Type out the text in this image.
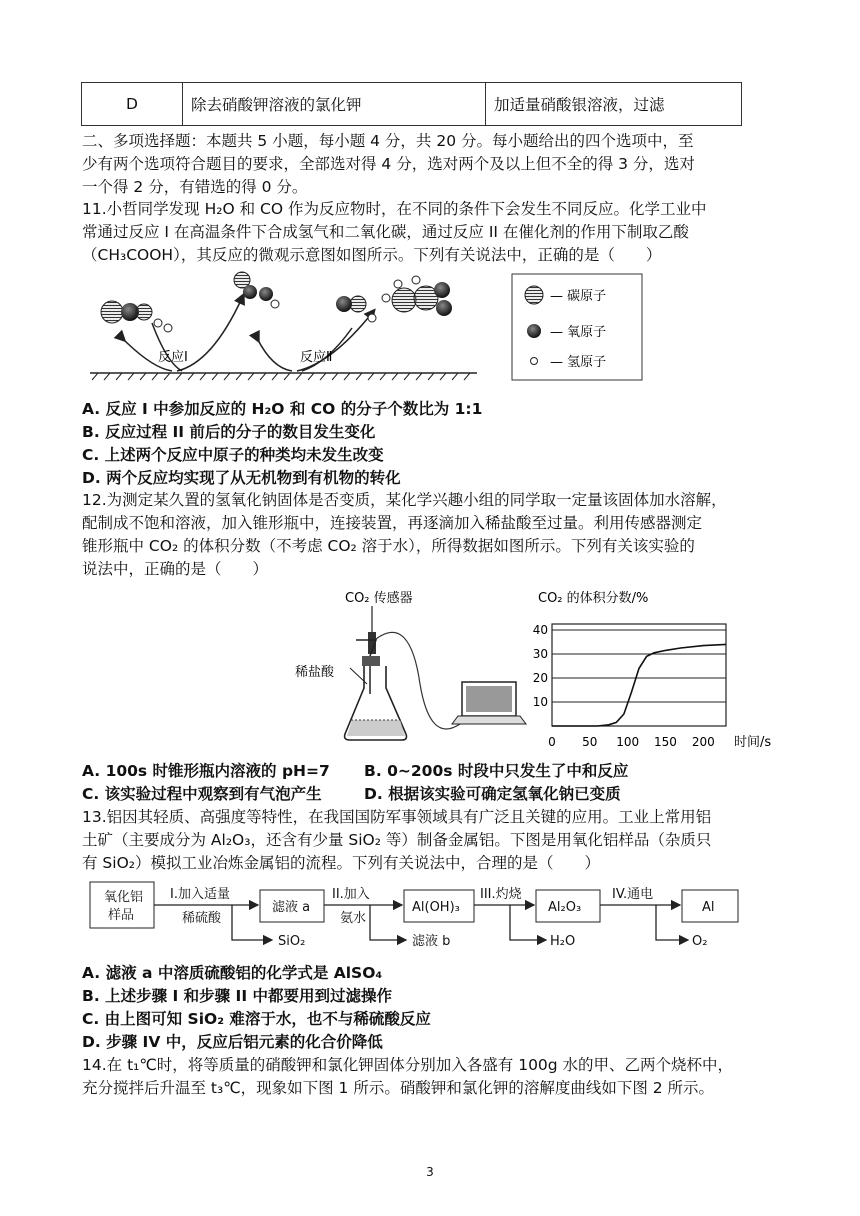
D	除去硝酸钾溶液的氯化钾	加适量硝酸银溶液，过滤
二、多项选择题：本题共 5 小题，每小题 4 分，共 20 分。每小题给出的四个选项中，至
少有两个选项符合题目的要求，全部选对得 4 分，选对两个及以上但不全的得 3 分，选对
一个得 2 分，有错选的得 0 分。
11.小哲同学发现 H₂O 和 CO 作为反应物时，在不同的条件下会发生不同反应。化学工业中
常通过反应 I 在高温条件下合成氢气和二氧化碳，通过反应 II 在催化剂的作用下制取乙酸
（CH₃COOH），其反应的微观示意图如图所示。下列有关说法中，正确的是（　　）
反应Ⅰ	反应Ⅱ
— 碳原子
— 氧原子
— 氢原子
A. 反应 I 中参加反应的 H₂O 和 CO 的分子个数比为 1:1
B. 反应过程 II 前后的分子的数目发生变化
C. 上述两个反应中原子的种类均未发生改变
D. 两个反应均实现了从无机物到有机物的转化
12.为测定某久置的氢氧化钠固体是否变质，某化学兴趣小组的同学取一定量该固体加水溶解，
配制成不饱和溶液，加入锥形瓶中，连接装置，再逐滴加入稀盐酸至过量。利用传感器测定
锥形瓶中 CO₂ 的体积分数（不考虑 CO₂ 溶于水），所得数据如图所示。下列有关该实验的
说法中，正确的是（　　）
CO₂ 传感器
稀盐酸
CO₂ 的体积分数/%
10
20
30
40
0 50 100 150 200 时间/s
A. 100s 时锥形瓶内溶液的 pH=7 B. 0~200s 时段中只发生了中和反应
C. 该实验过程中观察到有气泡产生	D. 根据该实验可确定氢氧化钠已变质
13.铝因其轻质、高强度等特性，在我国国防军事领域具有广泛且关键的应用。工业上常用铝
土矿（主要成分为 Al₂O₃，还含有少量 SiO₂ 等）制备金属铝。下图是用氧化铝样品（杂质只
有 SiO₂）模拟工业冶炼金属铝的流程。下列有关说法中，合理的是（　　）
氧化铝
样品
I.加入适量
稀硫酸
滤液 a
SiO₂
II.加入
氨水
Al(OH)₃
滤液 b
III.灼烧
Al₂O₃
H₂O
IV.通电
Al
O₂
A. 滤液 a 中溶质硫酸铝的化学式是 AlSO₄
B. 上述步骤 I 和步骤 II 中都要用到过滤操作
C. 由上图可知 SiO₂ 难溶于水，也不与稀硫酸反应
D. 步骤 IV 中，反应后铝元素的化合价降低
14.在 t₁℃时，将等质量的硝酸钾和氯化钾固体分别加入各盛有 100g 水的甲、乙两个烧杯中，
充分搅拌后升温至 t₃℃，现象如下图 1 所示。硝酸钾和氯化钾的溶解度曲线如下图 2 所示。
3
